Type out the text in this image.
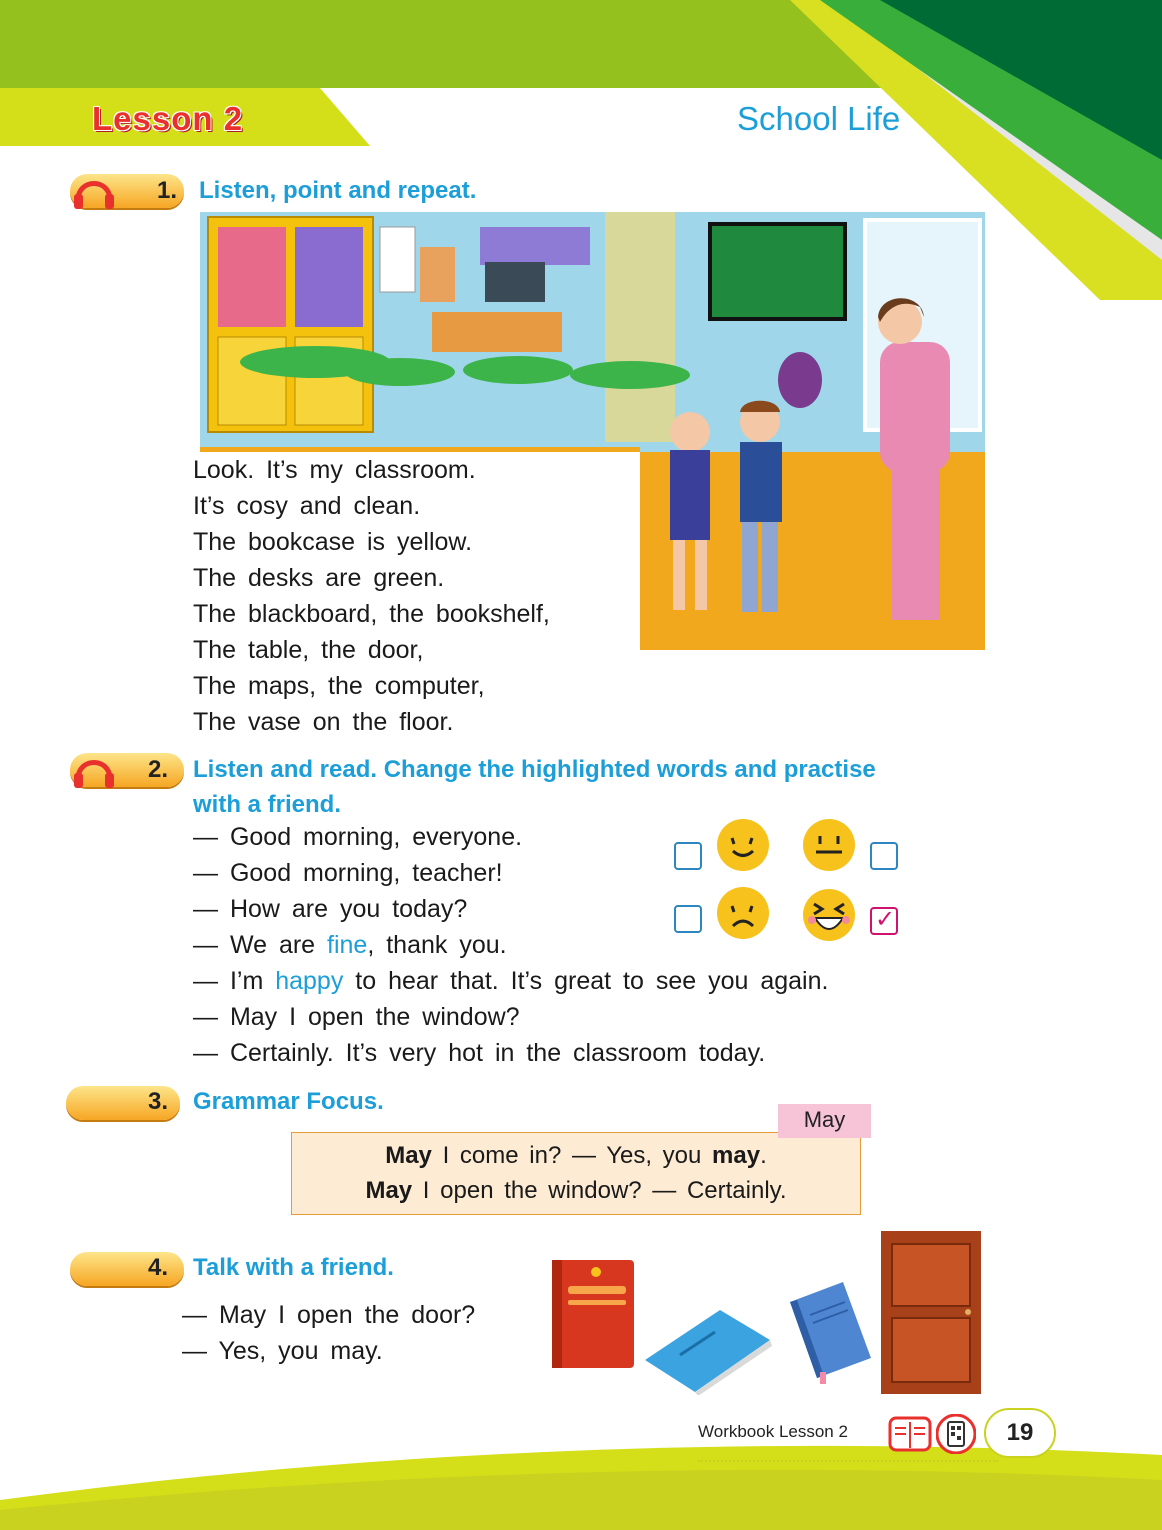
Lesson 2	School Life
1. Listen, point and repeat.
Look. It’s my classroom.
It’s cosy and clean.
The bookcase is yellow.
The desks are green.
The blackboard, the bookshelf,
The table, the door,
The maps, the computer,
The vase on the floor.
2. Listen and read. Change the highlighted words and practise
with a friend.
— Good morning, everyone.
— Good morning, teacher!
— How are you today?
— We are fine, thank you.
— I’m happy to hear that. It’s great to see you again.
— May I open the window?
— Certainly. It’s very hot in the classroom today.
✓
3. Grammar Focus.
May I come in? — Yes, you may.
May I open the window? — Certainly.
May
4. Talk with a friend.
— May I open the door?
— Yes, you may.
Workbook Lesson 2	19
